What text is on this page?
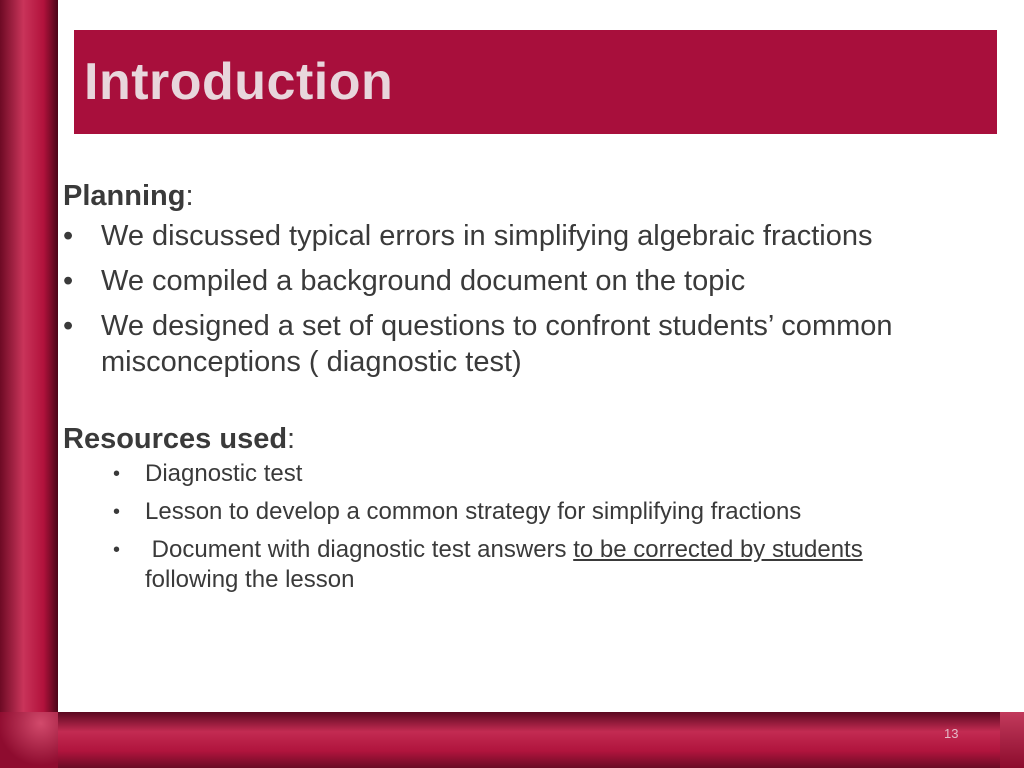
Introduction

Planning:

• We discussed typical errors in simplifying algebraic fractions
• We compiled a background document on the topic
• We designed a set of questions to confront students’ common misconceptions ( diagnostic test)

Resources used:

• Diagnostic test
• Lesson to develop a common strategy for simplifying fractions
• Document with diagnostic test answers to be corrected by students following the lesson
13
